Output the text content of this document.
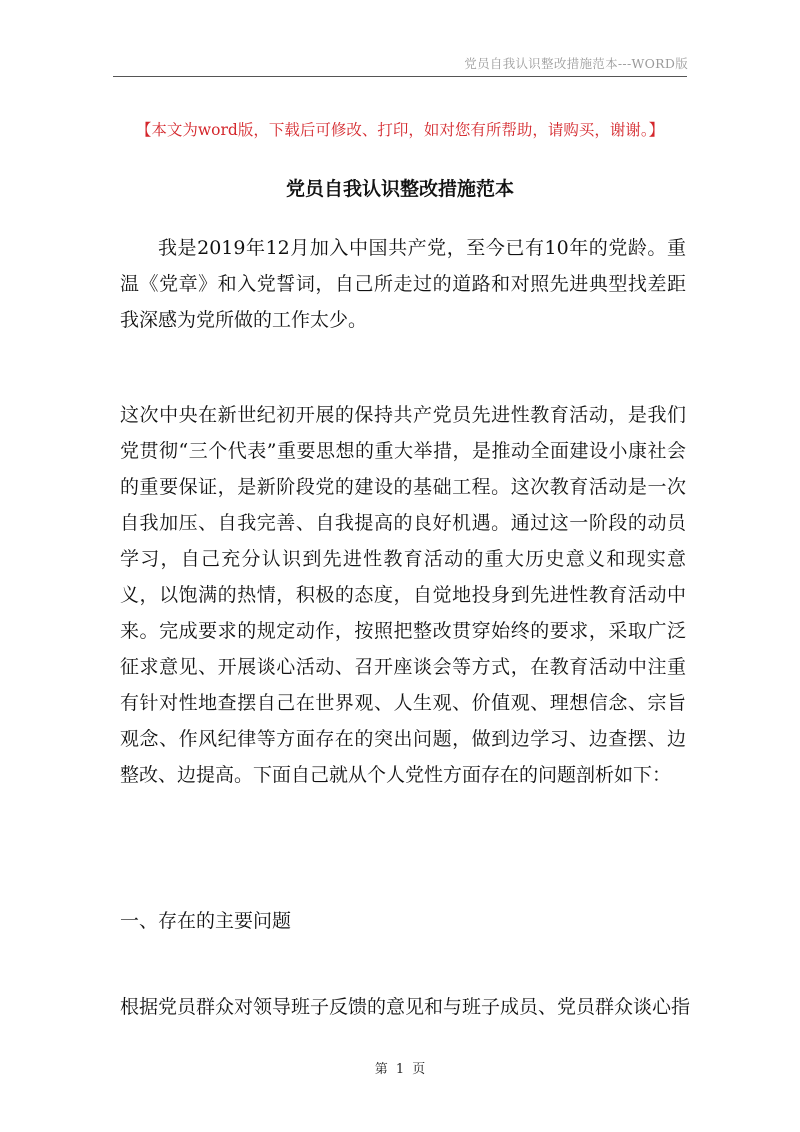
党员自我认识整改措施范本---WORD版
【本文为word版，下载后可修改、打印，如对您有所帮助，请购买，谢谢。】
党员自我认识整改措施范本
我是2019年12月加入中国共产党，至今已有10年的党龄。重温《党章》和入党誓词，自己所走过的道路和对照先进典型找差距我深感为党所做的工作太少。
这次中央在新世纪初开展的保持共产党员先进性教育活动，是我们党贯彻“三个代表”重要思想的重大举措，是推动全面建设小康社会的重要保证，是新阶段党的建设的基础工程。这次教育活动是一次自我加压、自我完善、自我提高的良好机遇。通过这一阶段的动员学习，自己充分认识到先进性教育活动的重大历史意义和现实意义，以饱满的热情，积极的态度，自觉地投身到先进性教育活动中来。完成要求的规定动作，按照把整改贯穿始终的要求，采取广泛征求意见、开展谈心活动、召开座谈会等方式，在教育活动中注重有针对性地查摆自己在世界观、人生观、价值观、理想信念、宗旨观念、作风纪律等方面存在的突出问题，做到边学习、边查摆、边整改、边提高。下面自己就从个人党性方面存在的问题剖析如下：
一、存在的主要问题
根据党员群众对领导班子反馈的意见和与班子成员、党员群众谈心指
第 1 页
